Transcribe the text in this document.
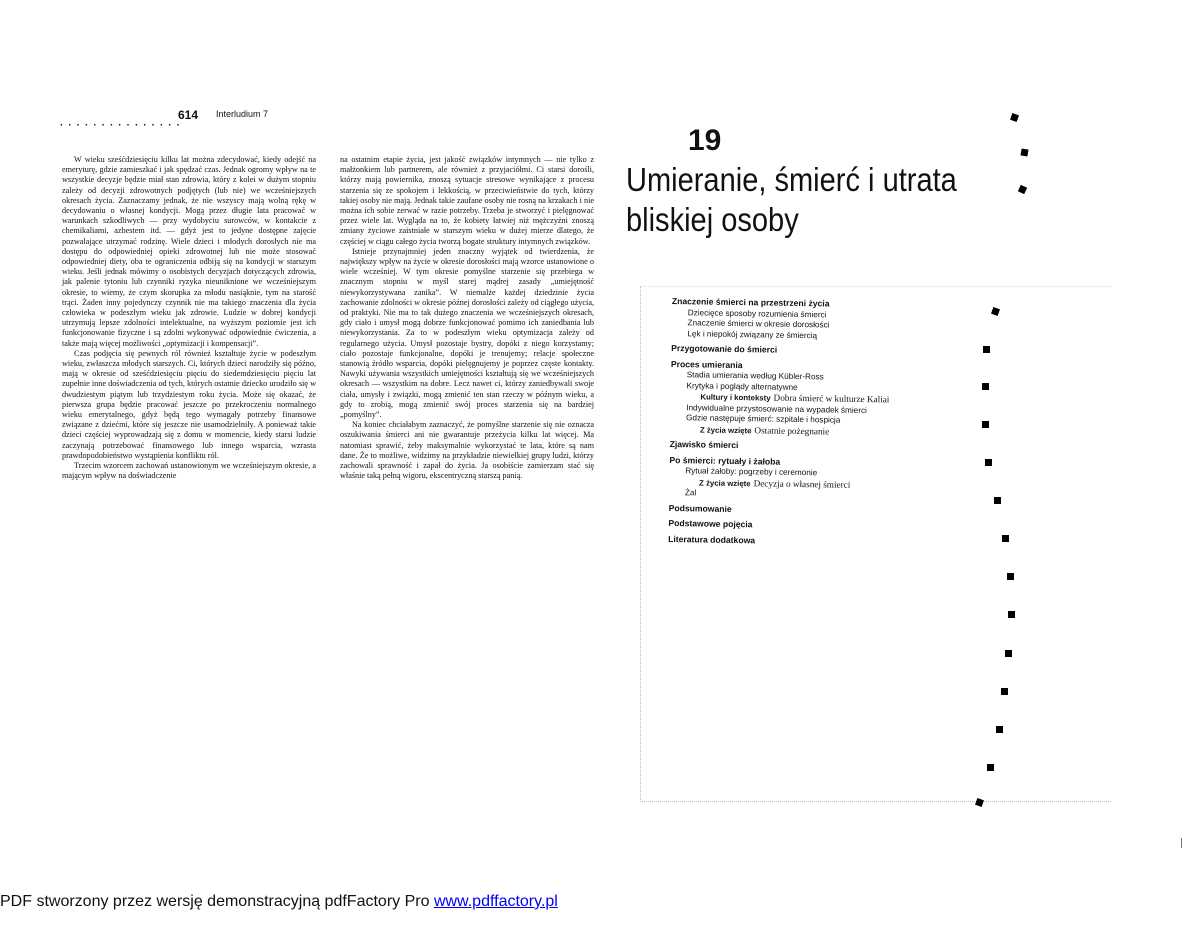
614 Interludium 7
···············

W wieku sześćdziesięciu kilku lat można zdecydować, kiedy odejść na emeryturę, gdzie zamieszkać i jak spędzać czas. Jednak ogromy wpływ na te wszystkie decyzje będzie miał stan zdrowia, który z kolei w dużym stopniu zależy od decyzji zdrowotnych podjętych (lub nie) we wcześniejszych okresach życia. Zaznaczamy jednak, że nie wszyscy mają wolną rękę w decydowaniu o własnej kondycji. Mogą przez długie lata pracować w warunkach szkodliwych — przy wydobyciu surowców, w kontakcie z chemikaliami, azbestem itd. — gdyż jest to jedyne dostępne zajęcie pozwalające utrzymać rodzinę. Wiele dzieci i młodych dorosłych nie ma dostępu do odpowiedniej opieki zdrowotnej lub nie może stosować odpowiedniej diety, oba te ograniczenia odbiją się na kondycji w starszym wieku. Jeśli jednak mówimy o osobistych decyzjach dotyczących zdrowia, jak palenie tytoniu lub czynniki ryzyka nieuniknione we wcześniejszym okresie, to wiemy, że czym skorupka za młodu nasiąknie, tym na starość trąci. Żaden inny pojedynczy czynnik nie ma takiego znaczenia dla życia człowieka w podeszłym wieku jak zdrowie. Ludzie w dobrej kondycji utrzymują lepsze zdolności intelektualne, na wyższym poziomie jest ich funkcjonowanie fizyczne i są zdolni wykonywać odpowiednie ćwiczenia, a także mają więcej możliwości „optymizacji i kompensacji”.

Czas podjęcia się pewnych ról również kształtuje życie w podeszłym wieku, zwłaszcza młodych starszych. Ci, których dzieci narodziły się późno, mają w okresie od sześćdziesięciu pięciu do siedemdziesięciu pięciu lat zupełnie inne doświadczenia od tych, których ostatnie dziecko urodziło się w dwudziestym piątym lub trzydziestym roku życia. Może się okazać, że pierwsza grupa będzie pracować jeszcze po przekroczeniu normalnego wieku emerytalnego, gdyż będą tego wymagały potrzeby finansowe związane z dziećmi, które się jeszcze nie usamodzielniły. A ponieważ takie dzieci częściej wyprowadzają się z domu w momencie, kiedy starsi ludzie zaczynają potrzebować finansowego lub innego wsparcia, wzrasta prawdopodobieństwo wystąpienia konfliktu ról.

Trzecim wzorcem zachowań ustanowionym we wcześniejszym okresie, a mającym wpływ na doświadczenie

na ostatnim etapie życia, jest jakość związków intymnych — nie tylko z małżonkiem lub partnerem, ale również z przyjaciółmi. Ci starsi dorośli, którzy mają powiernika, znoszą sytuacje stresowe wynikające z procesu starzenia się ze spokojem i lekkością, w przeciwieństwie do tych, którzy takiej osoby nie mają. Jednak takie zaufane osoby nie rosną na krzakach i nie można ich sobie zerwać w razie potrzeby. Trzeba je stworzyć i pielęgnować przez wiele lat. Wygląda na to, że kobiety łatwiej niż mężczyźni znoszą zmiany życiowe zaistniałe w starszym wieku w dużej mierze dlatego, że częściej w ciągu całego życia tworzą bogate struktury intymnych związków.

Istnieje przynajmniej jeden znaczny wyjątek od twierdzenia, że największy wpływ na życie w okresie dorosłości mają wzorce ustanowione o wiele wcześniej. W tym okresie pomyślne starzenie się przebiega w znacznym stopniu w myśl starej mądrej zasady „umiejętność niewykorzystywana zanika”. W niemalże każdej dziedzinie życia zachowanie zdolności w okresie późnej dorosłości zależy od ciągłego użycia, od praktyki. Nie ma to tak dużego znaczenia we wcześniejszych okresach, gdy ciało i umysł mogą dobrze funkcjonować pomimo ich zaniedbania lub niewykorzystania. Za to w podeszłym wieku optymizacja zależy od regularnego użycia. Umysł pozostaje bystry, dopóki z niego korzystamy; ciało pozostaje funkcjonalne, dopóki je trenujemy; relacje społeczne stanowią źródło wsparcia, dopóki pielęgnujemy je poprzez częste kontakty. Nawyki używania wszystkich umiejętności kształtują się we wcześniejszych okresach — wszystkim na dobre. Lecz nawet ci, którzy zaniedbywali swoje ciała, umysły i związki, mogą zmienić ten stan rzeczy w późnym wieku, a gdy to zrobią, mogą zmienić swój proces starzenia się na bardziej „pomyślny”.

Na koniec chciałabym zaznaczyć, że pomyślne starzenie się nie oznacza oszukiwania śmierci ani nie gwarantuje przeżycia kilku lat więcej. Ma natomiast sprawić, żeby maksymalnie wykorzystać te lata, które są nam dane. Że to możliwe, widzimy na przykładzie niewielkiej grupy ludzi, którzy zachowali sprawność i zapał do życia. Ja osobiście zamierzam stać się właśnie taką pełną wigoru, ekscentryczną starszą panią.

19
Umieranie, śmierć i utrata
bliskiej osoby
Znaczenie śmierci na przestrzeni życia
Dziecięce sposoby rozumienia śmierci
Znaczenie śmierci w okresie dorosłości
Lęk i niepokój związany ze śmiercią
Przygotowanie do śmierci
Proces umierania
Stadia umierania według Kübler-Ross
Krytyka i poglądy alternatywne
Kultury i konteksty Dobra śmierć w kulturze Kaliai
Indywidualne przystosowanie na wypadek śmierci
Gdzie następuje śmierć: szpitale i hospicja
Z życia wzięte Ostatnie pożegnanie
Zjawisko śmierci
Po śmierci: rytuały i żałoba
Rytuał żałoby: pogrzeby i ceremonie
Z życia wzięte Decyzja o własnej śmierci
Żal
Podsumowanie
Podstawowe pojęcia
Literatura dodatkowa
PDF stworzony przez wersję demonstracyjną pdfFactory Pro www.pdffactory.pl
